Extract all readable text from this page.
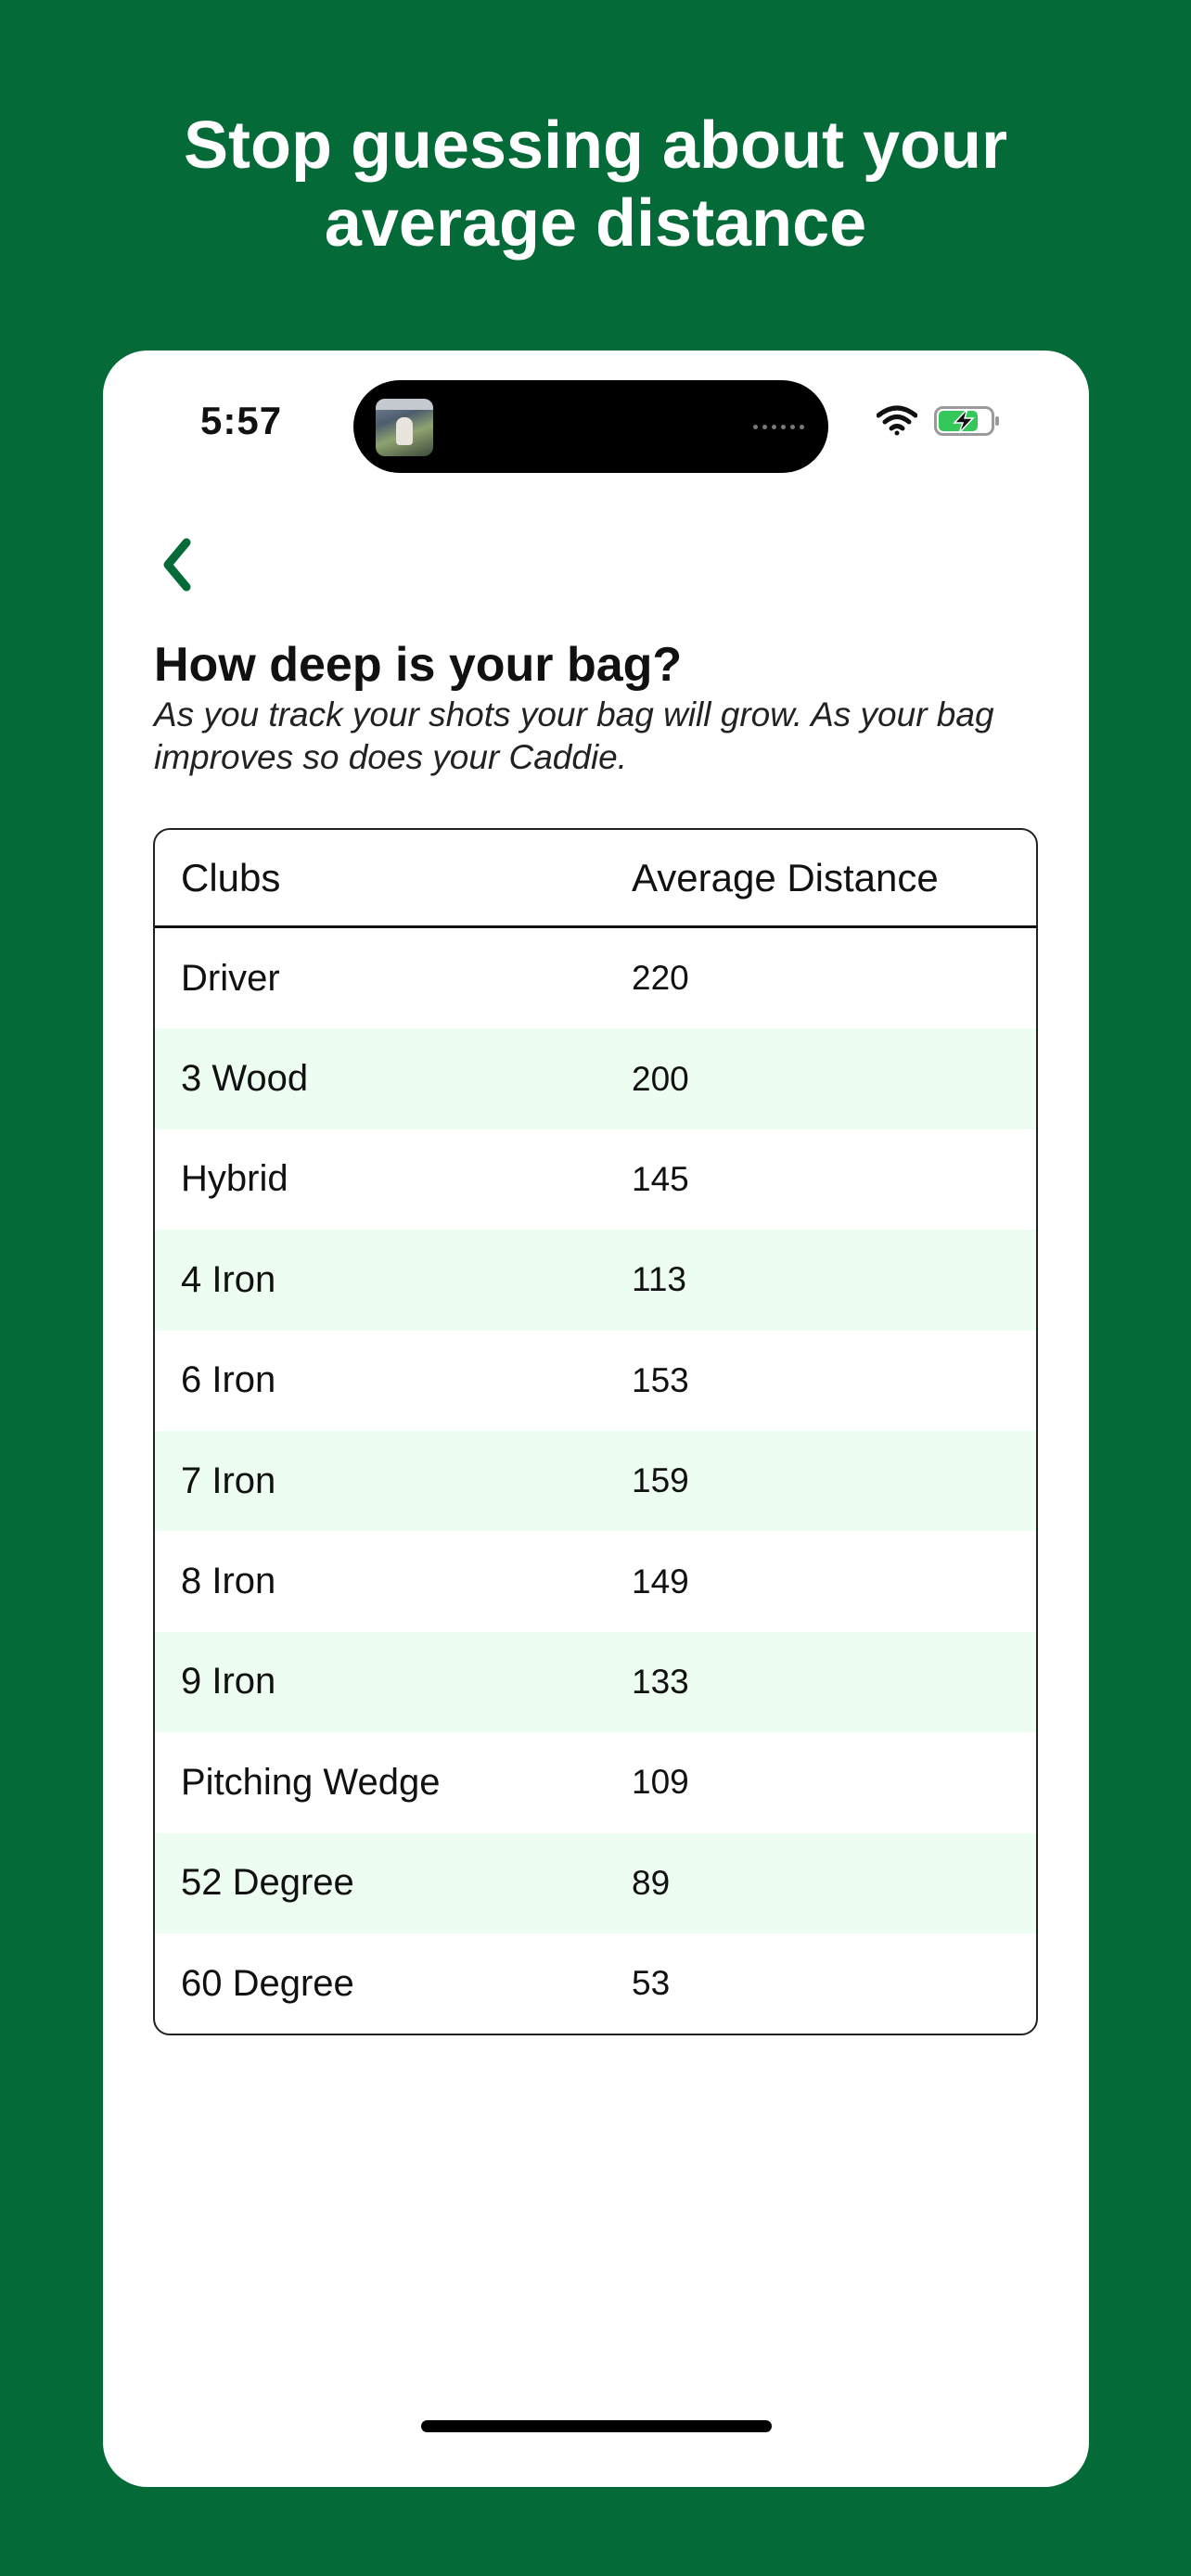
Stop guessing about your
average distance
5:57
How deep is your bag?

As you track your shots your bag will grow. As your bag improves so does your Caddie.

Clubs	Average Distance
Driver	220
3 Wood	200
Hybrid	145
4 Iron	113
6 Iron	153
7 Iron	159
8 Iron	149
9 Iron	133
Pitching Wedge	109
52 Degree	89
60 Degree	53
